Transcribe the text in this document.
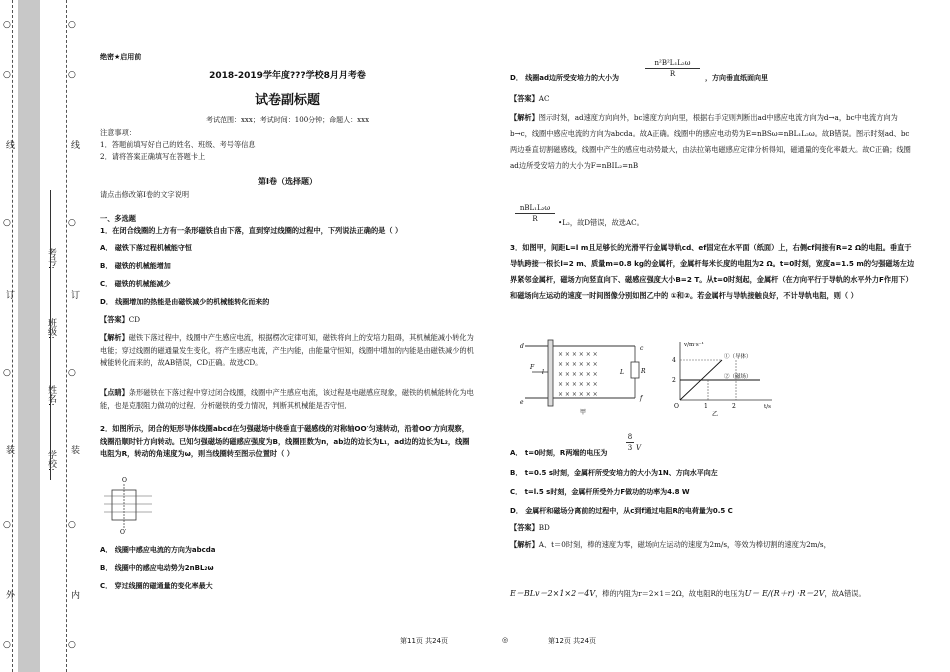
外
装
订
线
内
装
订
线
学校:
姓名:
班级:
考号:
○
○
○
○
○
○
○
○
○
○
○
○

绝密★启用前

2018-2019学年度???学校8月月考卷

试卷副标题

考试范围：xxx；考试时间：100分钟；命题人：xxx

注意事项：

1．答题前填写好自己的姓名、班级、考号等信息

2．请将答案正确填写在答题卡上

第Ⅰ卷（选择题）

请点击修改第I卷的文字说明

一、多选题

1．在闭合线圈的上方有一条形磁铁自由下落，直到穿过线圈的过程中，下列说法正确的是（ ）

A． 磁铁下落过程机械能守恒

B． 磁铁的机械能增加

C． 磁铁的机械能减少

D． 线圈增加的热能是由磁铁减少的机械能转化而来的

【答案】CD

【解析】磁铁下落过程中，线圈中产生感应电流，根据楞次定律可知，磁铁将向上的安培力阻碍，其机械能减小转化为电能；穿过线圈的磁通量发生变化，将产生感应电流，产生内能，由能量守恒知，线圈中增加的内能是由磁铁减少的机械能转化而来的，故AB错误，CD正确。故选CD。

【点睛】条形磁铁在下落过程中穿过闭合线圈，线圈中产生感应电流，该过程是电磁感应现象，磁铁的机械能转化为电能，也是克服阻力做功的过程．分析磁铁的受力情况，判断其机械能是否守恒．

2．如图所示，闭合的矩形导体线圈abcd在匀强磁场中绕垂直于磁感线的对称轴OO′匀速转动，沿着OO′方向观察，线圈沿顺时针方向转动。已知匀强磁场的磁感应强度为B，线圈匝数为n，ab边的边长为L₁，ad边的边长为L₂，线圈电阻为R，转动的角速度为ω，则当线圈转至图示位置时（ ）

O
O′

A． 线圈中感应电流的方向为abcda

B． 线圈中的感应电动势为2nBL₂ω

C． 穿过线圈的磁通量的变化率最大

n²B²L₁L₂ω
R

D． 线圈ad边所受安培力的大小为	，方向垂直纸面向里

【答案】AC

【解析】图示时刻，ad速度方向向外，bc速度方向向里，根据右手定则判断出ad中感应电流方向为d→a，bc中电流方向为b→c，线圈中感应电流的方向为abcda。故A正确。线圈中的感应电动势为E=nBSω=nBL₁L₂ω。故B错误。图示时刻ad、bc两边垂直切割磁感线，线圈中产生的感应电动势最大，由法拉第电磁感应定律分析得知，磁通量的变化率最大。故C正确；线圈ad边所受安培力的大小为F=nBIL₂=nB

nBL₁L₂ω
R	•L₂，故D错误，故选AC。

3．如图甲，间距L=l m且足够长的光滑平行金属导轨cd、ef固定在水平面（纸面）上，右侧cf间接有R=2 Ω的电阻。垂直于导轨跨接一根长l=2 m、质量m=0.8 kg的金属杆，金属杆每米长度的电阻为2 Ω。t=0时刻，宽度a=1.5 m的匀强磁场左边界紧邻金属杆，磁场方向竖直向下、磁感应强度大小B=2 T。从t=0时刻起，金属杆（在方向平行于导轨的水平外力F作用下）和磁场向左运动的速度一时间图像分别如图乙中的 ①和②。若金属杆与导轨接触良好，不计导轨电阻，则（ ）

× × × × × ×
× × × × × ×
× × × × × ×
× × × × × ×
× × × × × ×
d
e
c
f
l	L	R
F
甲
v/m·s⁻¹
t/s
4
2
O	1	2
①（导体）
②（磁场）
乙

A． t=0时刻，R两端的电压为

8
3 V

B． t=0.5 s时刻，金属杆所受安培力的大小为1N、方向水平向左

C． t=l.5 s时刻，金属杆所受外力F做功的功率为4.8 W

D． 金属杆和磁场分离前的过程中，从c到f通过电阻R的电荷量为0.5 C

【答案】BD

【解析】A、t＝0时刻，棒的速度为零，磁场向左运动的速度为2m/s，等效为棒切割的速度为2m/s，

E＝BLv＝2×1×2＝4V，棒的内阻为r＝2×1＝2Ω，故电阻R的电压为U＝ E/(R＋r) ·R＝2V，故A错误。

第11页 共24页	◎	第12页 共24页
